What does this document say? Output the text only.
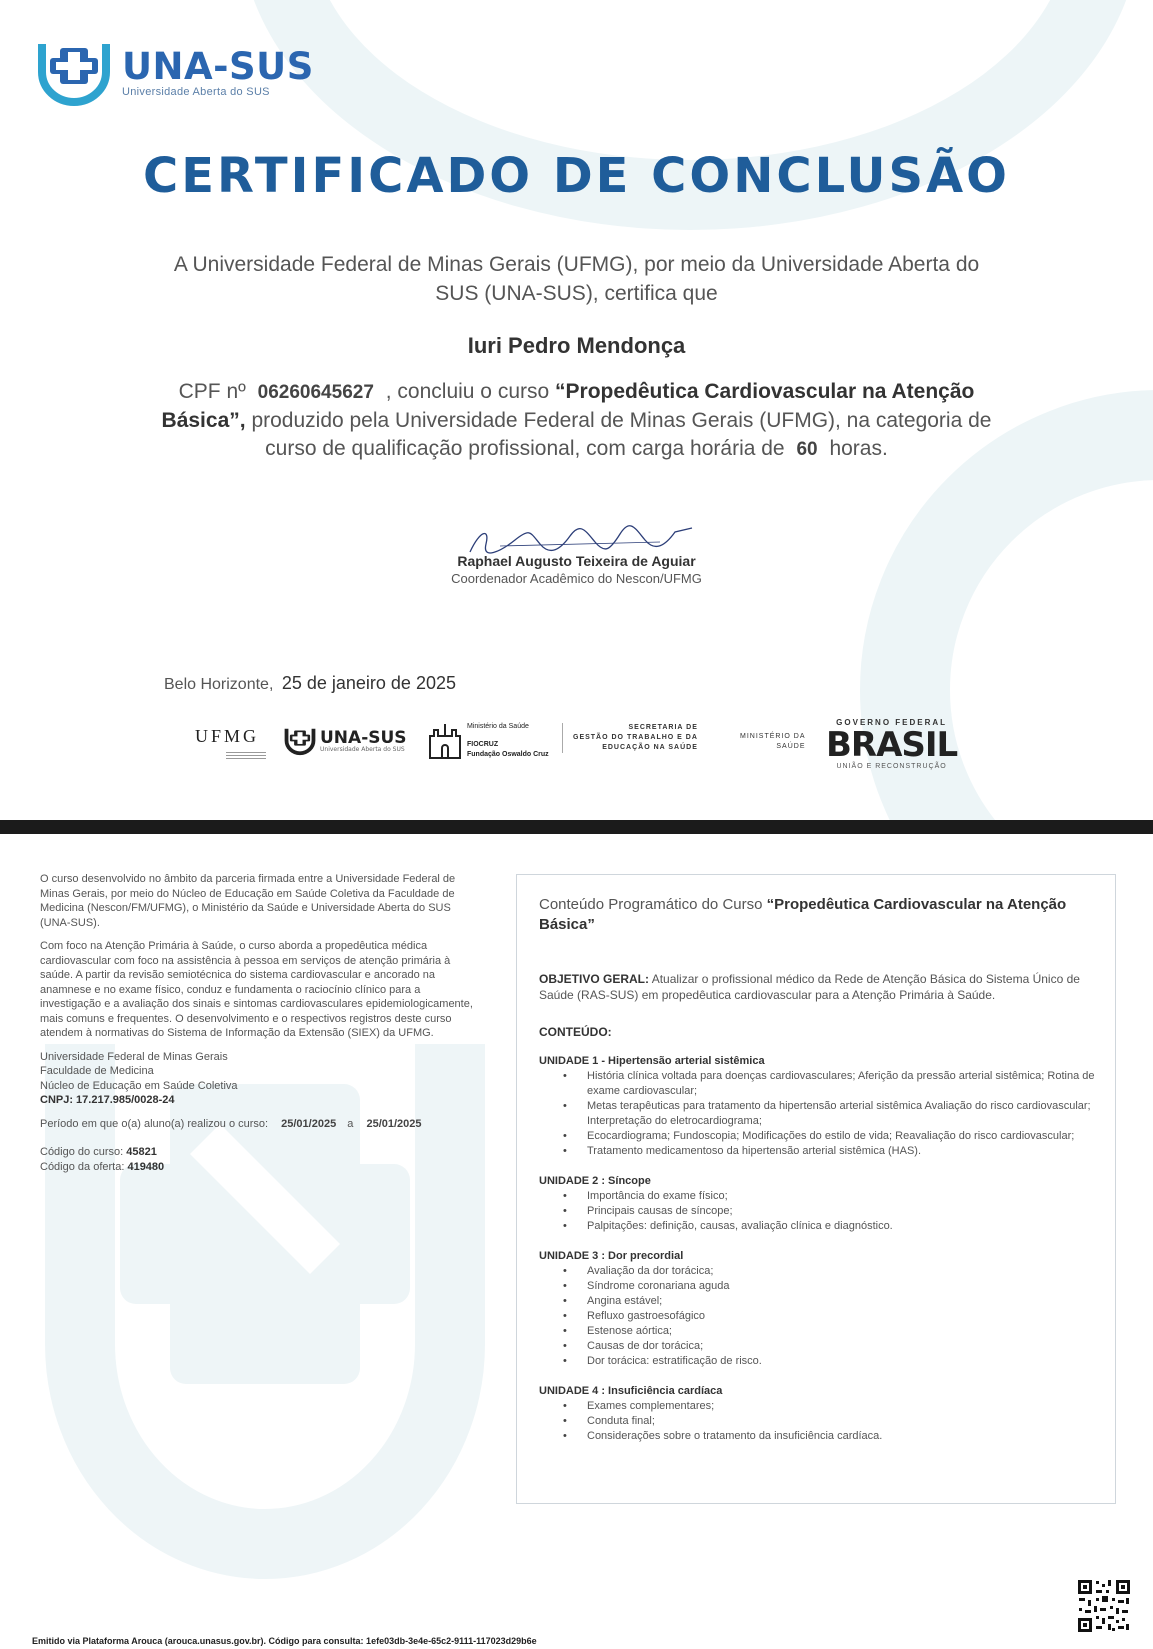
UNA-SUS
Universidade Aberta do SUS
CERTIFICADO DE CONCLUSÃO
A Universidade Federal de Minas Gerais (UFMG), por meio da Universidade Aberta do SUS (UNA-SUS), certifica que
Iuri Pedro Mendonça
CPF nº 06260645627 , concluiu o curso “Propedêutica Cardiovascular na Atenção Básica”, produzido pela Universidade Federal de Minas Gerais (UFMG), na categoria de curso de qualificação profissional, com carga horária de 60 horas.
Raphael Augusto Teixeira de Aguiar
Coordenador Acadêmico do Nescon/UFMG
Belo Horizonte, 25 de janeiro de 2025
UFMG	UNA-SUS
Universidade Aberta do SUS
Ministério da Saúde
FIOCRUZ
Fundação Oswaldo Cruz
SECRETARIA DE
GESTÃO DO TRABALHO E DA
EDUCAÇÃO NA SAÚDE
MINISTÉRIO DA
SAÚDE
GOVERNO FEDERAL
BRASIL
UNIÃO E RECONSTRUÇÃO

O curso desenvolvido no âmbito da parceria firmada entre a Universidade Federal de Minas Gerais, por meio do Núcleo de Educação em Saúde Coletiva da Faculdade de Medicina (Nescon/FM/UFMG), o Ministério da Saúde e Universidade Aberta do SUS (UNA-SUS).

Com foco na Atenção Primária à Saúde, o curso aborda a propedêutica médica cardiovascular com foco na assistência à pessoa em serviços de atenção primária à saúde. A partir da revisão semiotécnica do sistema cardiovascular e ancorado na anamnese e no exame físico, conduz e fundamenta o raciocínio clínico para a investigação e a avaliação dos sinais e sintomas cardiovasculares epidemiologicamente, mais comuns e frequentes. O desenvolvimento e o respectivos registros deste curso atendem à normativas do Sistema de Informação da Extensão (SIEX) da UFMG.

Universidade Federal de Minas Gerais
Faculdade de Medicina
Núcleo de Educação em Saúde Coletiva
CNPJ: 17.217.985/0028-24
Período em que o(a) aluno(a) realizou o curso: 25/01/2025 a 25/01/2025
Código do curso: 45821
Código da oferta: 419480
Conteúdo Programático do Curso “Propedêutica Cardiovascular na Atenção Básica”
OBJETIVO GERAL: Atualizar o profissional médico da Rede de Atenção Básica do Sistema Único de Saúde (RAS-SUS) em propedêutica cardiovascular para a Atenção Primária à Saúde.
CONTEÚDO:
UNIDADE 1 - Hipertensão arterial sistêmica
• História clínica voltada para doenças cardiovasculares; Aferição da pressão arterial sistêmica; Rotina de exame cardiovascular;
• Metas terapêuticas para tratamento da hipertensão arterial sistêmica Avaliação do risco cardiovascular; Interpretação do eletrocardiograma;
• Ecocardiograma; Fundoscopia; Modificações do estilo de vida; Reavaliação do risco cardiovascular;
• Tratamento medicamentoso da hipertensão arterial sistêmica (HAS).
UNIDADE 2 : Síncope
• Importância do exame físico;
• Principais causas de síncope;
• Palpitações: definição, causas, avaliação clínica e diagnóstico.
UNIDADE 3 : Dor precordial
• Avaliação da dor torácica;
• Síndrome coronariana aguda
• Angina estável;
• Refluxo gastroesofágico
• Estenose aórtica;
• Causas de dor torácica;
• Dor torácica: estratificação de risco.
UNIDADE 4 : Insuficiência cardíaca
• Exames complementares;
• Conduta final;
• Considerações sobre o tratamento da insuficiência cardíaca.
Emitido via Plataforma Arouca (arouca.unasus.gov.br). Código para consulta: 1efe03db-3e4e-65c2-9111-117023d29b6e
